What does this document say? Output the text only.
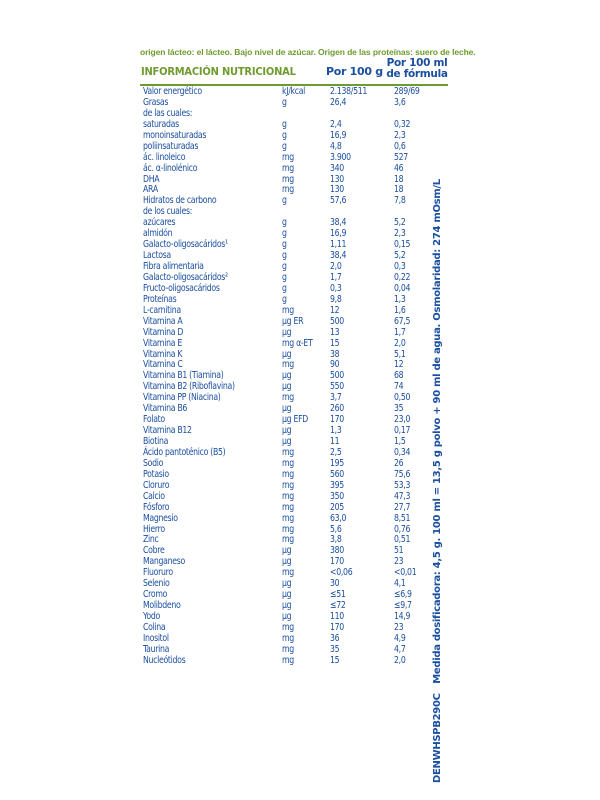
origen lácteo: el lácteo. Bajo nivel de azúcar. Origen de las proteínas: suero de leche.
INFORMACIÓN NUTRICIONAL	Por 100 g
Por 100 ml
de fórmula
Valor energético	kJ/kcal 2.138/511	289/69
Grasas	g	26,4	3,6
de las cuales:
saturadas	g	2,4	0,32
monoinsaturadas	g	16,9	2,3
poliinsaturadas	g	4,8	0,6
ác. linoleico	mg	3.900	527
ác. α-linolénico	mg	340	46
DHA	mg	130	18
ARA	mg	130	18
Hidratos de carbono	g	57,6	7,8
de los cuales:
azúcares	g	38,4	5,2
almidón	g	16,9	2,3
Galacto-oligosacáridos¹	g	1,11	0,15
Lactosa	g	38,4	5,2
Fibra alimentaria	g	2,0	0,3
Galacto-oligosacáridos²	g	1,7	0,22
Fructo-oligosacáridos	g	0,3	0,04
Proteínas	g	9,8	1,3
L-carnitina	mg	12	1,6
Vitamina A	µg ER	500	67,5
Vitamina D	µg	13	1,7
Vitamina E	mg α-ET 15	2,0
Vitamina K	µg	38	5,1
Vitamina C	mg	90	12
Vitamina B1 (Tiamina)	µg	500	68
Vitamina B2 (Riboflavina)	µg	550	74
Vitamina PP (Niacina)	mg	3,7	0,50
Vitamina B6	µg	260	35
Folato	µg EFD 170	23,0
Vitamina B12	µg	1,3	0,17
Biotina	µg	11	1,5
Ácido pantoténico (B5)	mg	2,5	0,34
Sodio	mg	195	26
Potasio	mg	560	75,6
Cloruro	mg	395	53,3
Calcio	mg	350	47,3
Fósforo	mg	205	27,7
Magnesio	mg	63,0	8,51
Hierro	mg	5,6	0,76
Zinc	mg	3,8	0,51
Cobre	µg	380	51
Manganeso	µg	170	23
Fluoruro	mg	<0,06	<0,01
Selenio	µg	30	4,1
Cromo	µg	≤51	≤6,9
Molibdeno	µg	≤72	≤9,7
Yodo	µg	110	14,9
Colina	mg	170	23
Inositol	mg	36	4,9
Taurina	mg	35	4,7
Nucleótidos	mg	15	2,0
DENWHSPB290C   Medida dosificadora: 4,5 g. 100 ml = 13,5 g polvo + 90 ml de agua. Osmolaridad: 274 mOsm/L
